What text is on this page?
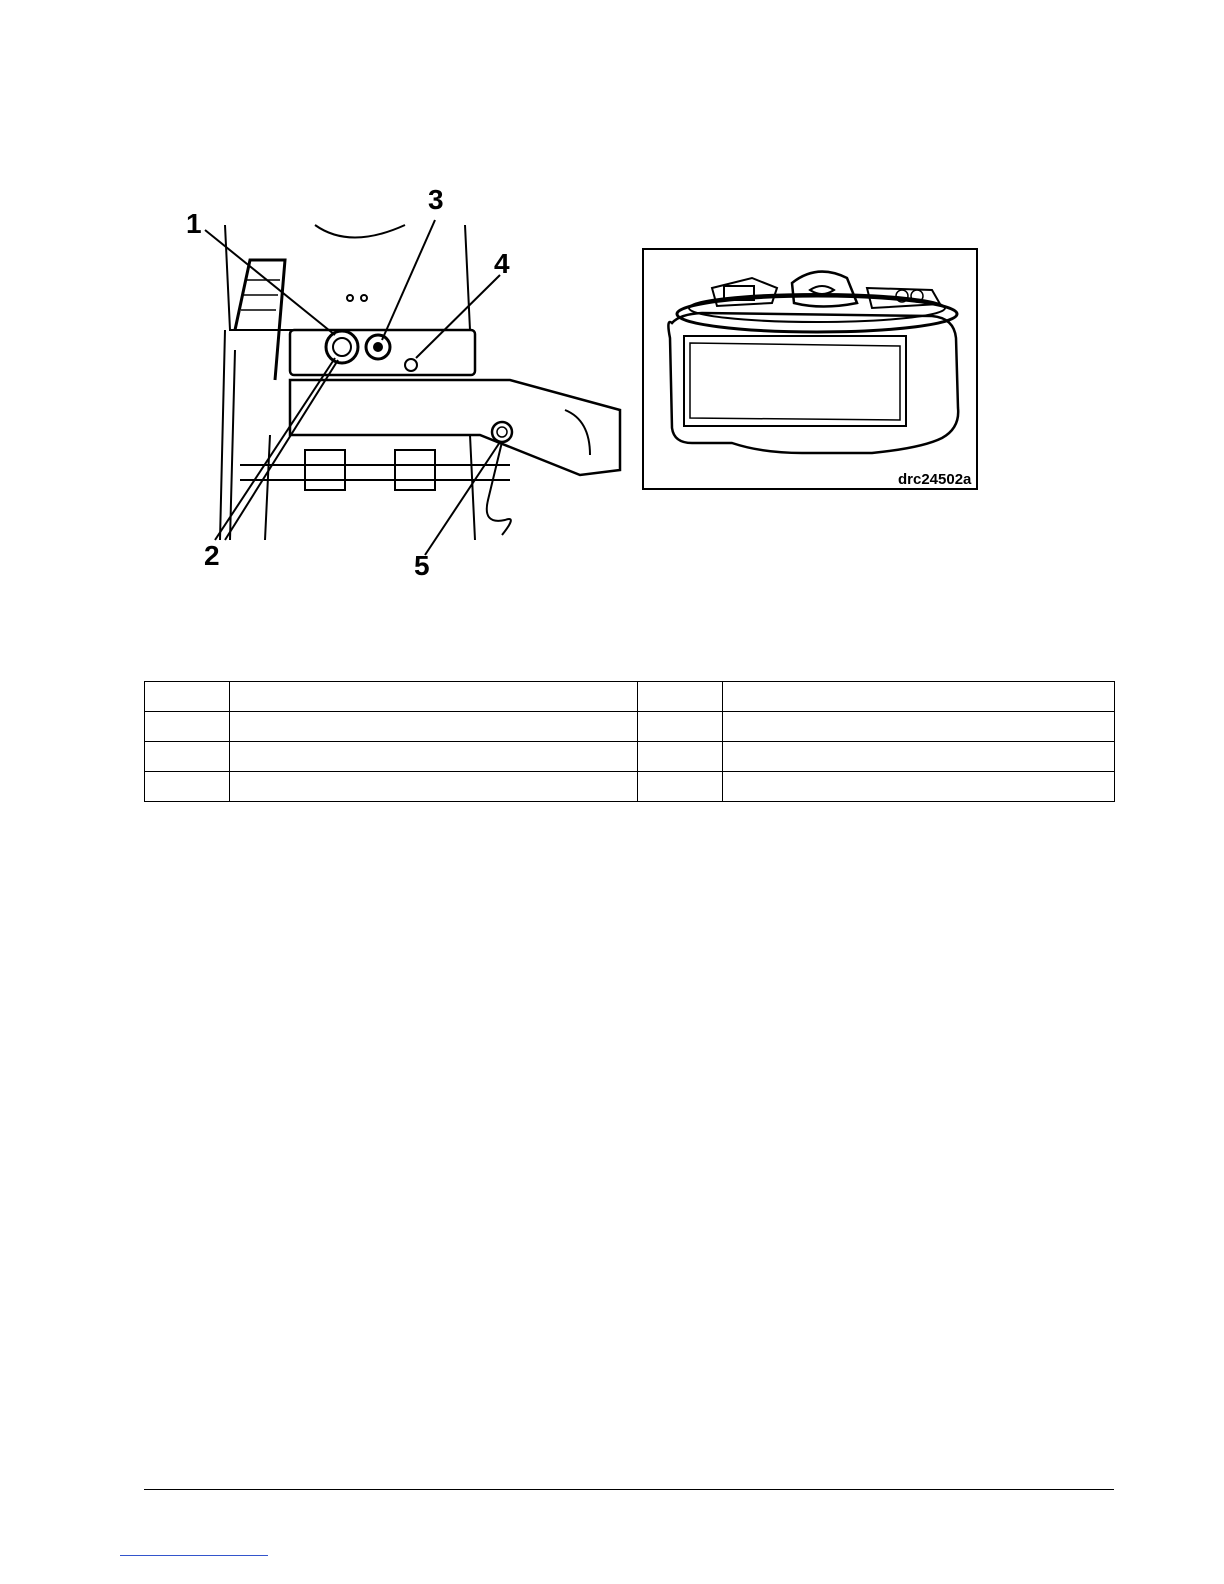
1
2
3
4
5
drc24502a
